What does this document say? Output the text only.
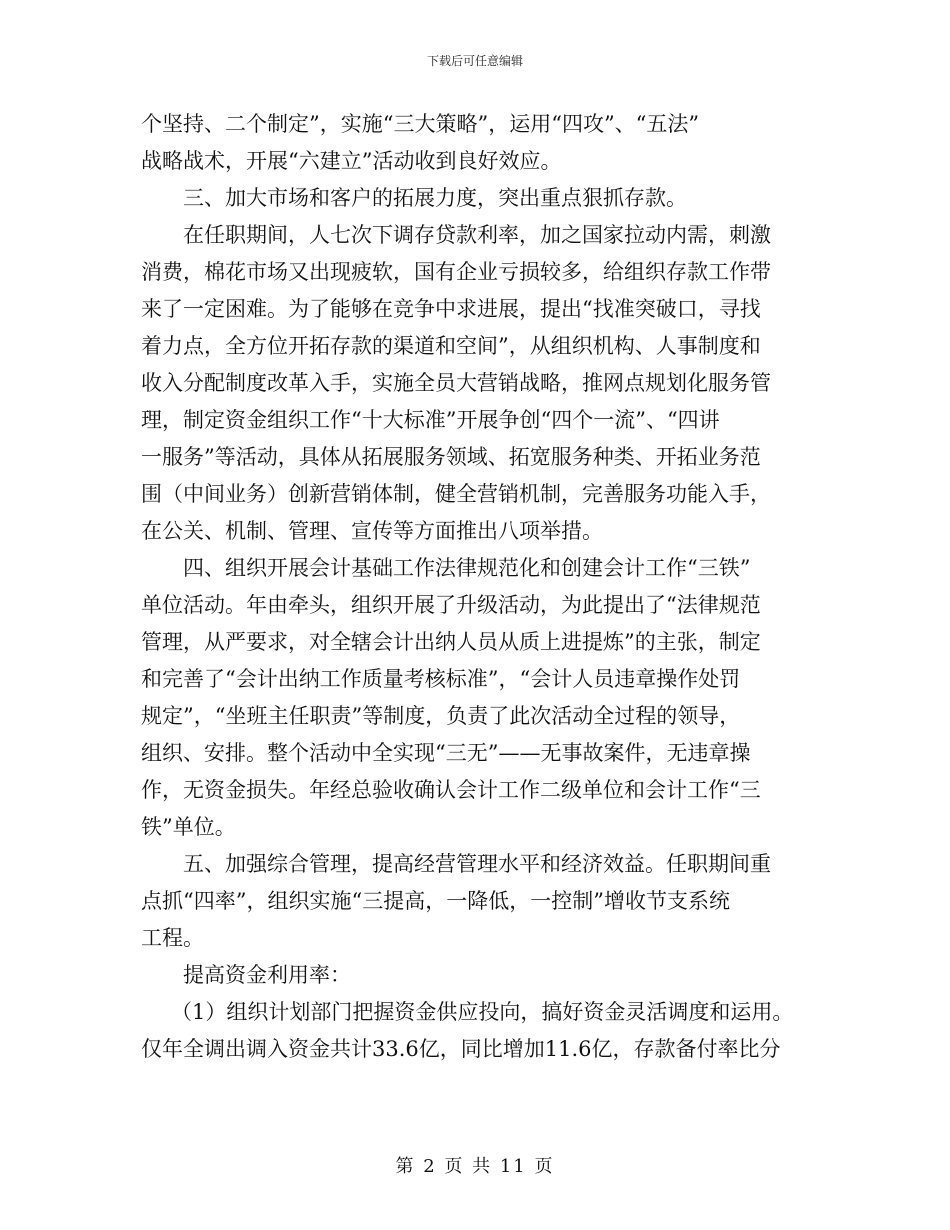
下载后可任意编辑
个坚持、二个制定”，实施“三大策略”，运用“四攻”、“五法”
战略战术，开展“六建立”活动收到良好效应。
三、加大市场和客户的拓展力度，突出重点狠抓存款。
在任职期间，人七次下调存贷款利率，加之国家拉动内需，刺激
消费，棉花市场又出现疲软，国有企业亏损较多，给组织存款工作带
来了一定困难。为了能够在竞争中求进展，提出“找准突破口，寻找
着力点，全方位开拓存款的渠道和空间”，从组织机构、人事制度和
收入分配制度改革入手，实施全员大营销战略，推网点规划化服务管
理，制定资金组织工作“十大标准”开展争创“四个一流”、“四讲
一服务”等活动，具体从拓展服务领域、拓宽服务种类、开拓业务范
围（中间业务）创新营销体制，健全营销机制，完善服务功能入手，
在公关、机制、管理、宣传等方面推出八项举措。
四、组织开展会计基础工作法律规范化和创建会计工作“三铁”
单位活动。年由牵头，组织开展了升级活动，为此提出了“法律规范
管理，从严要求，对全辖会计出纳人员从质上进提炼”的主张，制定
和完善了“会计出纳工作质量考核标准”，“会计人员违章操作处罚
规定”，“坐班主任职责”等制度，负责了此次活动全过程的领导，
组织、安排。整个活动中全实现“三无”——无事故案件，无违章操
作，无资金损失。年经总验收确认会计工作二级单位和会计工作“三
铁”单位。
五、加强综合管理，提高经营管理水平和经济效益。任职期间重
点抓“四率”，组织实施“三提高，一降低，一控制”增收节支系统
工程。
提高资金利用率：
（1）组织计划部门把握资金供应投向，搞好资金灵活调度和运用。
仅年全调出调入资金共计33.6亿，同比增加11.6亿，存款备付率比分
第 2 页 共 11 页
